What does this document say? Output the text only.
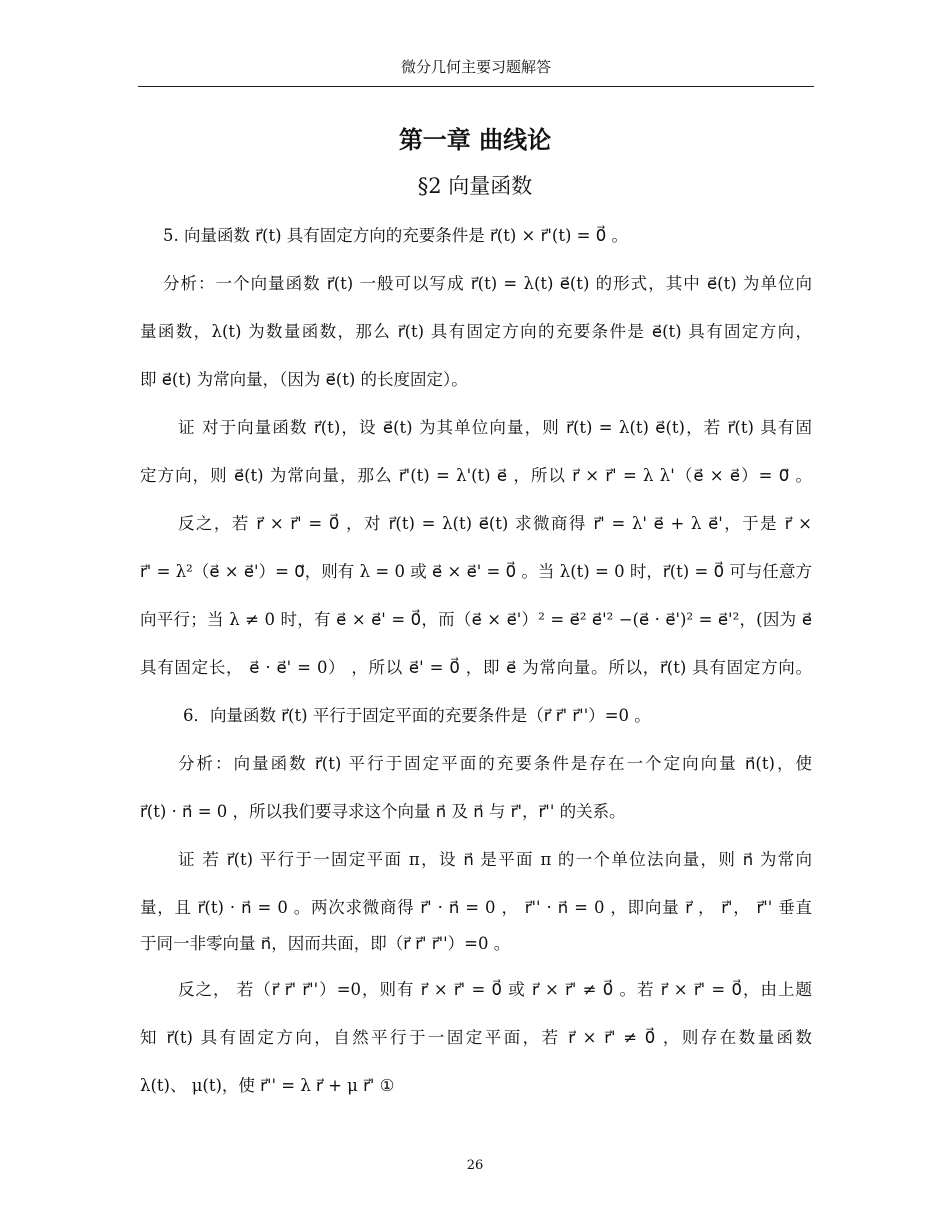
微分几何主要习题解答
第一章 曲线论
§2 向量函数
5. 向量函数 r⃗(t) 具有固定方向的充要条件是 r⃗(t) × r⃗'(t) = 0⃗ 。
分析：一个向量函数 r⃗(t) 一般可以写成 r⃗(t) = λ(t) e⃗(t) 的形式，其中 e⃗(t) 为单位向
量函数，λ(t) 为数量函数，那么 r⃗(t) 具有固定方向的充要条件是 e⃗(t) 具有固定方向，
即 e⃗(t) 为常向量，（因为 e⃗(t) 的长度固定）。
证 对于向量函数 r⃗(t)，设 e⃗(t) 为其单位向量，则 r⃗(t) = λ(t) e⃗(t)，若 r⃗(t) 具有固
定方向，则 e⃗(t) 为常向量，那么 r⃗'(t) = λ'(t) e⃗ ，所以 r⃗ × r⃗' = λ λ'（e⃗ × e⃗）= 0⃗ 。
反之，若 r⃗ × r⃗' = 0⃗ ，对 r⃗(t) = λ(t) e⃗(t) 求微商得 r⃗' = λ' e⃗ + λ e⃗'，于是 r⃗ ×
r⃗' = λ²（e⃗ × e⃗'）= 0⃗，则有 λ = 0 或 e⃗ × e⃗' = 0⃗ 。当 λ(t) = 0 时，r⃗(t) = 0⃗ 可与任意方
向平行；当 λ ≠ 0 时，有 e⃗ × e⃗' = 0⃗，而（e⃗ × e⃗'）² = e⃗² e⃗'² −(e⃗ · e⃗')² = e⃗'²，(因为 e⃗
具有固定长， e⃗ · e⃗' = 0） ，所以 e⃗' = 0⃗ ，即 e⃗ 为常向量。所以，r⃗(t) 具有固定方向。
6．向量函数 r⃗(t) 平行于固定平面的充要条件是（r⃗ r⃗' r⃗''）=0 。
分析：向量函数 r⃗(t) 平行于固定平面的充要条件是存在一个定向向量 n⃗(t)，使
r⃗(t) · n⃗ = 0 ，所以我们要寻求这个向量 n⃗ 及 n⃗ 与 r⃗'，r⃗'' 的关系。
证 若 r⃗(t) 平行于一固定平面 π，设 n⃗ 是平面 π 的一个单位法向量，则 n⃗ 为常向
量，且 r⃗(t) · n⃗ = 0 。两次求微商得 r⃗' · n⃗ = 0 ， r⃗'' · n⃗ = 0 ，即向量 r⃗ ， r⃗'， r⃗'' 垂直
于同一非零向量 n⃗，因而共面，即（r⃗ r⃗' r⃗''）=0 。
反之， 若（r⃗ r⃗' r⃗''）=0，则有 r⃗ × r⃗' = 0⃗ 或 r⃗ × r⃗' ≠ 0⃗ 。若 r⃗ × r⃗' = 0⃗，由上题
知 r⃗(t) 具有固定方向，自然平行于一固定平面，若 r⃗ × r⃗' ≠ 0⃗ ，则存在数量函数
λ(t)、 μ(t)，使 r⃗'' = λ r⃗ + μ r⃗' ①
26
